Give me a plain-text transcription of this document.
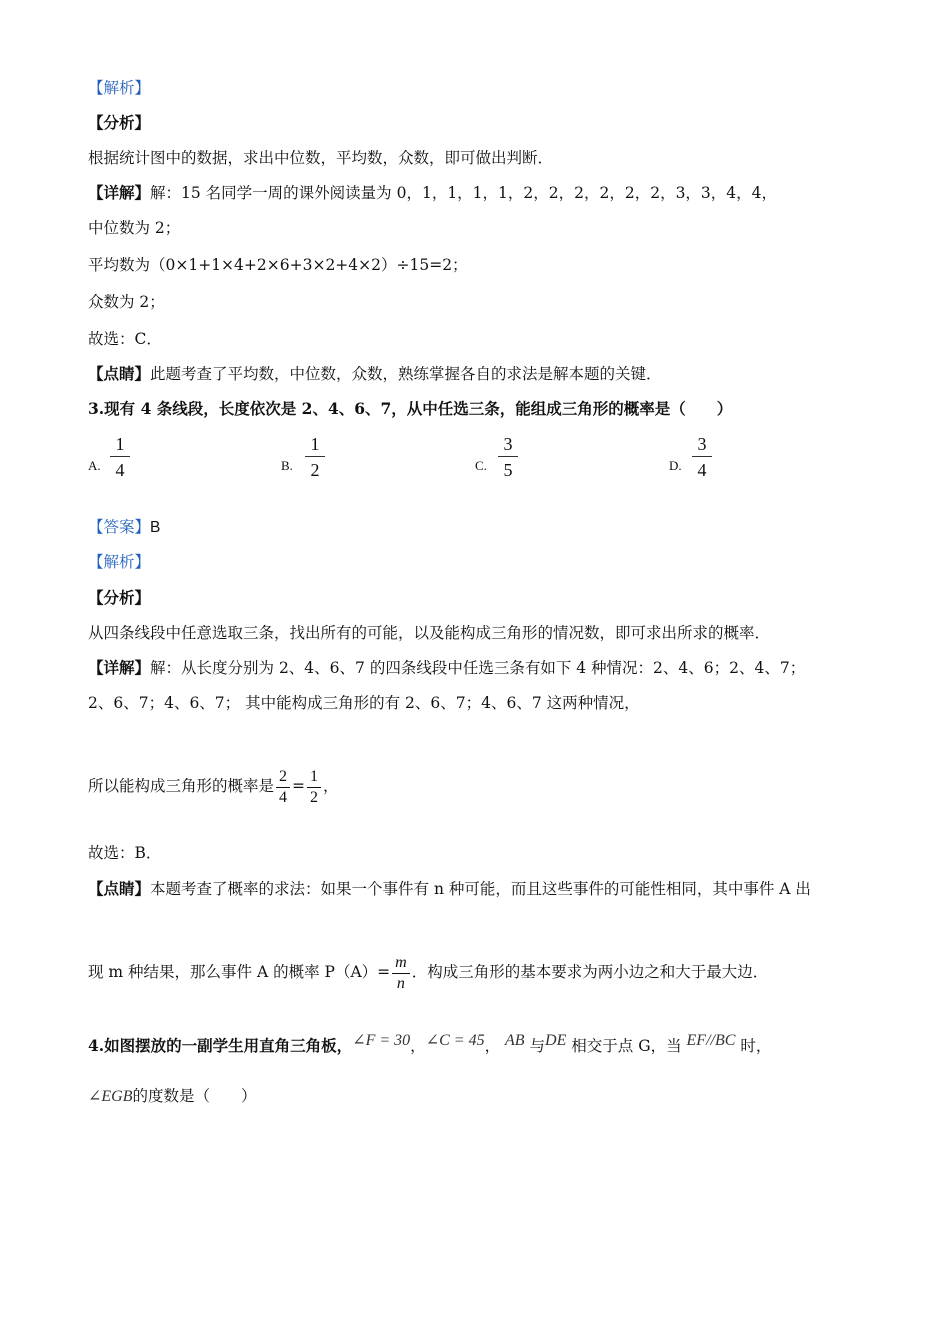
【解析】
【分析】
根据统计图中的数据，求出中位数，平均数，众数，即可做出判断．
【详解】解：15 名同学一周的课外阅读量为 0，1，1，1，1，2，2，2，2，2，2，3，3，4，4，
中位数为 2；
平均数为（0×1+1×4+2×6+3×2+4×2）÷15=2；
众数为 2；
故选：C．
【点睛】此题考查了平均数，中位数，众数，熟练掌握各自的求法是解本题的关键．
3.现有 4 条线段，长度依次是 2、4、6、7，从中任选三条，能组成三角形的概率是（　　）
A.
1
4	B.
1
2	C.
3
5	D.
3
4
【答案】B
【解析】
【分析】
从四条线段中任意选取三条，找出所有的可能，以及能构成三角形的情况数，即可求出所求的概率．
【详解】解：从长度分别为 2、4、6、7 的四条线段中任选三条有如下 4 种情况：2、4、6；2、4、7；
2、6、7；4、6、7； 其中能构成三角形的有 2、6、7；4、6、7 这两种情况，
所以能构成三角形的概率是 $\frac{2}{4} = \frac{1}{2}$ ，
故选：B．
【点睛】本题考查了概率的求法：如果一个事件有 n 种可能，而且这些事件的可能性相同，其中事件 A 出
现 m 种结果，那么事件 A 的概率 $P(A)= \frac{m}{n}$ ．构成三角形的基本要求为两小边之和大于最大边．
4.如图摆放的一副学生用直角三角板，∠F = 30，∠C = 45， AB 与DE 相交于点 G，当 EF//BC 时，
∠EGB的度数是（　　）
